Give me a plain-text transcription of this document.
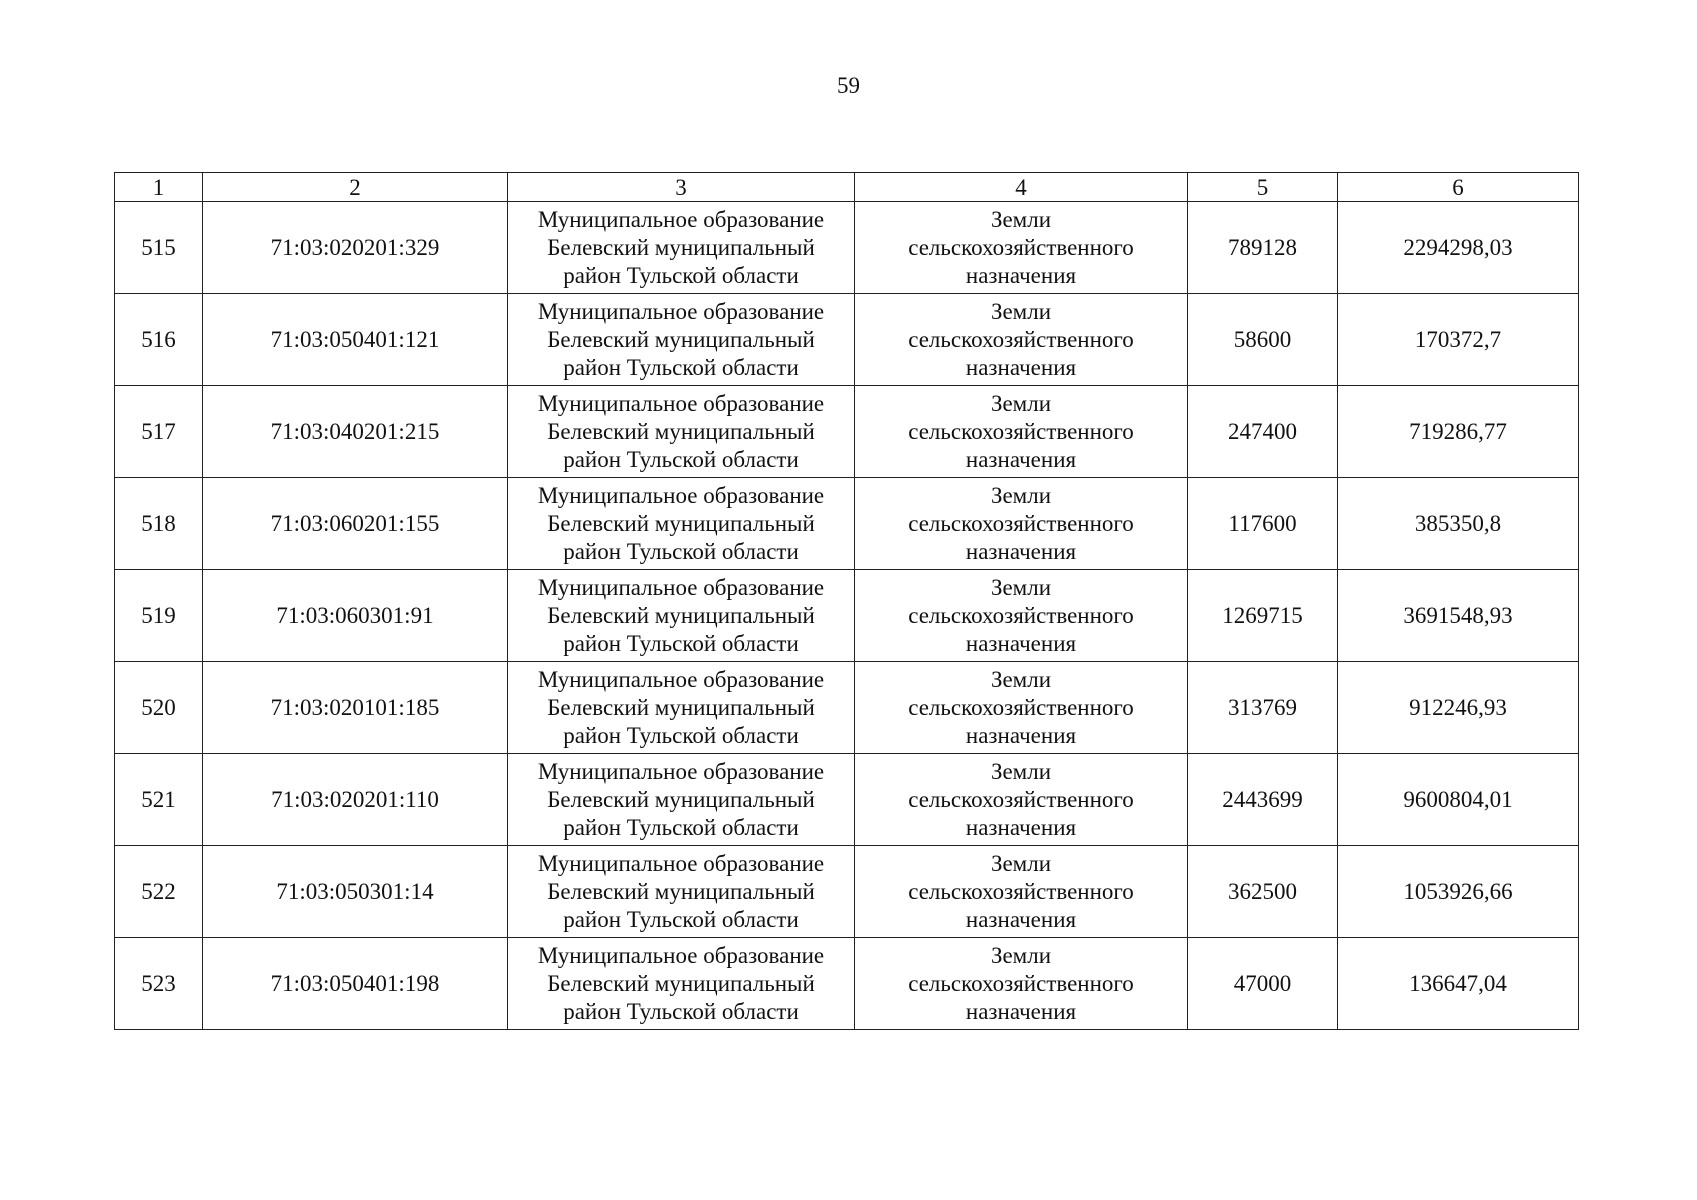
59
1	2	3	4	5	6
515	71:03:020201:329	Муниципальное образование
Белевский муниципальный
район Тульской области	Земли
сельскохозяйственного
назначения	789128	2294298,03
516	71:03:050401:121	Муниципальное образование
Белевский муниципальный
район Тульской области	Земли
сельскохозяйственного
назначения	58600	170372,7
517	71:03:040201:215	Муниципальное образование
Белевский муниципальный
район Тульской области	Земли
сельскохозяйственного
назначения	247400	719286,77
518	71:03:060201:155	Муниципальное образование
Белевский муниципальный
район Тульской области	Земли
сельскохозяйственного
назначения	117600	385350,8
519	71:03:060301:91	Муниципальное образование
Белевский муниципальный
район Тульской области	Земли
сельскохозяйственного
назначения	1269715	3691548,93
520	71:03:020101:185	Муниципальное образование
Белевский муниципальный
район Тульской области	Земли
сельскохозяйственного
назначения	313769	912246,93
521	71:03:020201:110	Муниципальное образование
Белевский муниципальный
район Тульской области	Земли
сельскохозяйственного
назначения	2443699	9600804,01
522	71:03:050301:14	Муниципальное образование
Белевский муниципальный
район Тульской области	Земли
сельскохозяйственного
назначения	362500	1053926,66
523	71:03:050401:198	Муниципальное образование
Белевский муниципальный
район Тульской области	Земли
сельскохозяйственного
назначения	47000	136647,04
